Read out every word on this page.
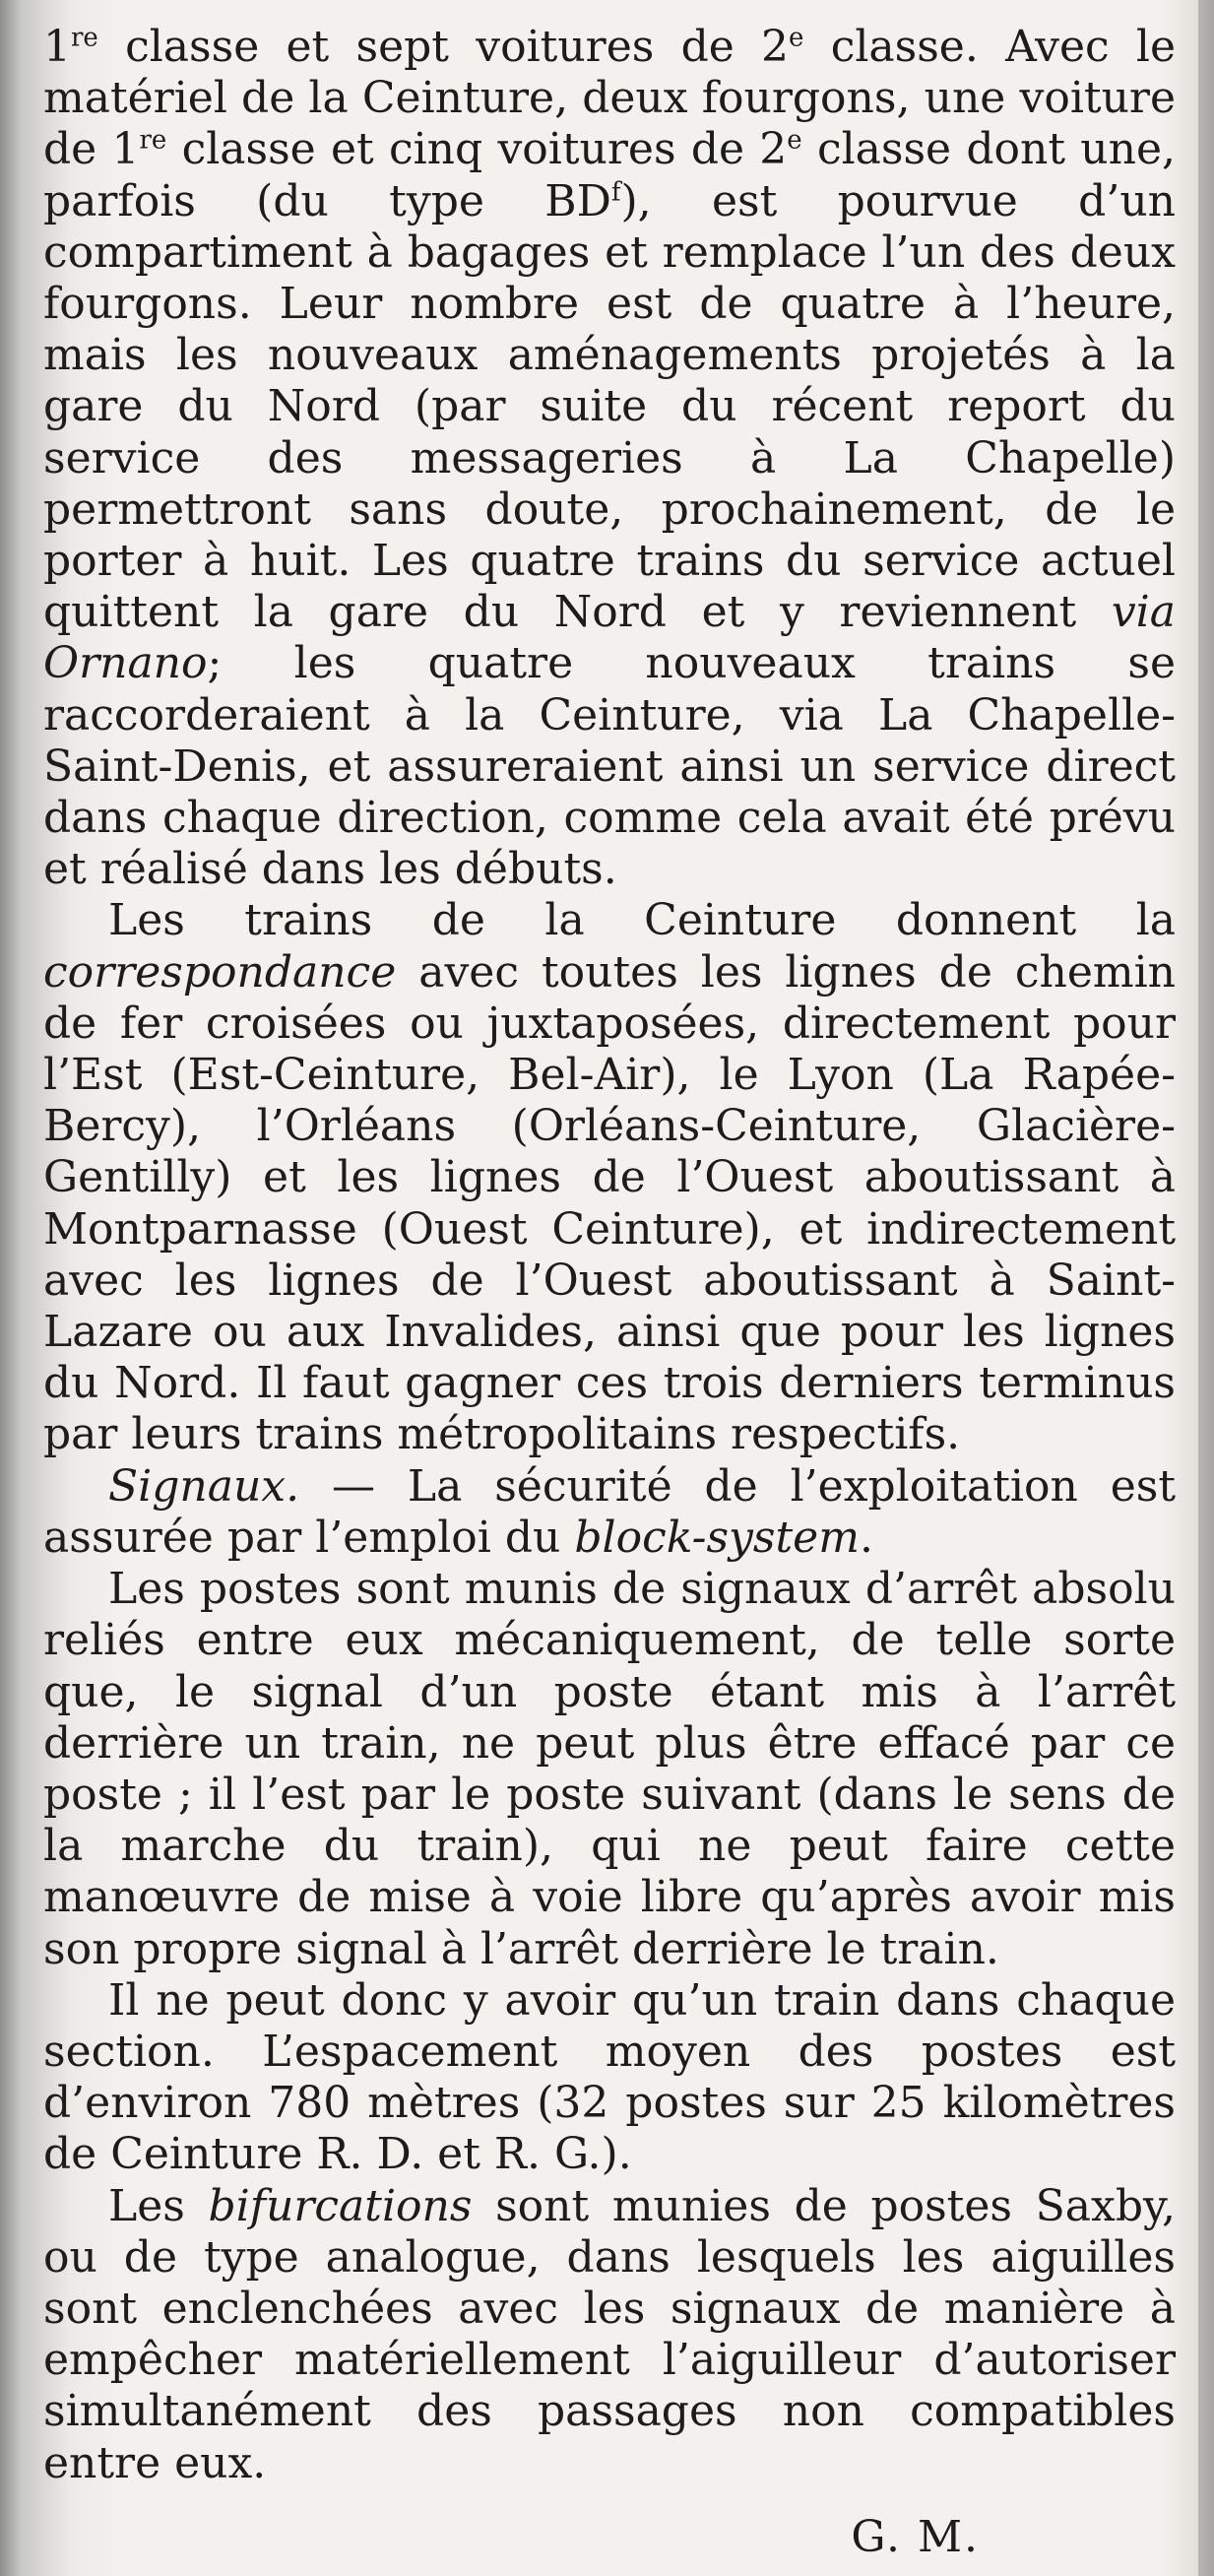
1re classe et sept voitures de 2e classe. Avec le matériel de la Ceinture, deux fourgons, une voiture de 1re classe et cinq voitures de 2e classe dont une, parfois (du type $BD^f$), est pourvue d’un compartiment à bagages et remplace l’un des deux fourgons. Leur nombre est de quatre à l’heure, mais les nouveaux aménagements projetés à la gare du Nord (par suite du récent report du service des messageries à La Chapelle) permettront sans doute, prochainement, de le porter à huit. Les quatre trains du service actuel quittent la gare du Nord et y reviennent via Ornano; les quatre nouveaux trains se raccorderaient à la Ceinture, via La Chapelle-Saint-Denis, et assureraient ainsi un service direct dans chaque direction, comme cela avait été prévu et réalisé dans les débuts.

Les trains de la Ceinture donnent la correspondance avec toutes les lignes de chemin de fer croisées ou juxtaposées, directement pour l’Est (Est-Ceinture, Bel-Air), le Lyon (La Rapée-Bercy), l’Orléans (Orléans-Ceinture, Glacière-Gentilly) et les lignes de l’Ouest aboutissant à Montparnasse (Ouest Ceinture), et indirectement avec les lignes de l’Ouest aboutissant à Saint-Lazare ou aux Invalides, ainsi que pour les lignes du Nord. Il faut gagner ces trois derniers terminus par leurs trains métropolitains respectifs.

Signaux. — La sécurité de l’exploitation est assurée par l’emploi du block-system.

Les postes sont munis de signaux d’arrêt absolu reliés entre eux mécaniquement, de telle sorte que, le signal d’un poste étant mis à l’arrêt derrière un train, ne peut plus être effacé par ce poste ; il l’est par le poste suivant (dans le sens de la marche du train), qui ne peut faire cette manœuvre de mise à voie libre qu’après avoir mis son propre signal à l’arrêt derrière le train.

Il ne peut donc y avoir qu’un train dans chaque section. L’espacement moyen des postes est d’environ 780 mètres (32 postes sur 25 kilomètres de Ceinture R. D. et R. G.).

Les bifurcations sont munies de postes Saxby, ou de type analogue, dans lesquels les aiguilles sont enclenchées avec les signaux de manière à empêcher matériellement l’aiguilleur d’autoriser simultanément des passages non compatibles entre eux.

G. M.
